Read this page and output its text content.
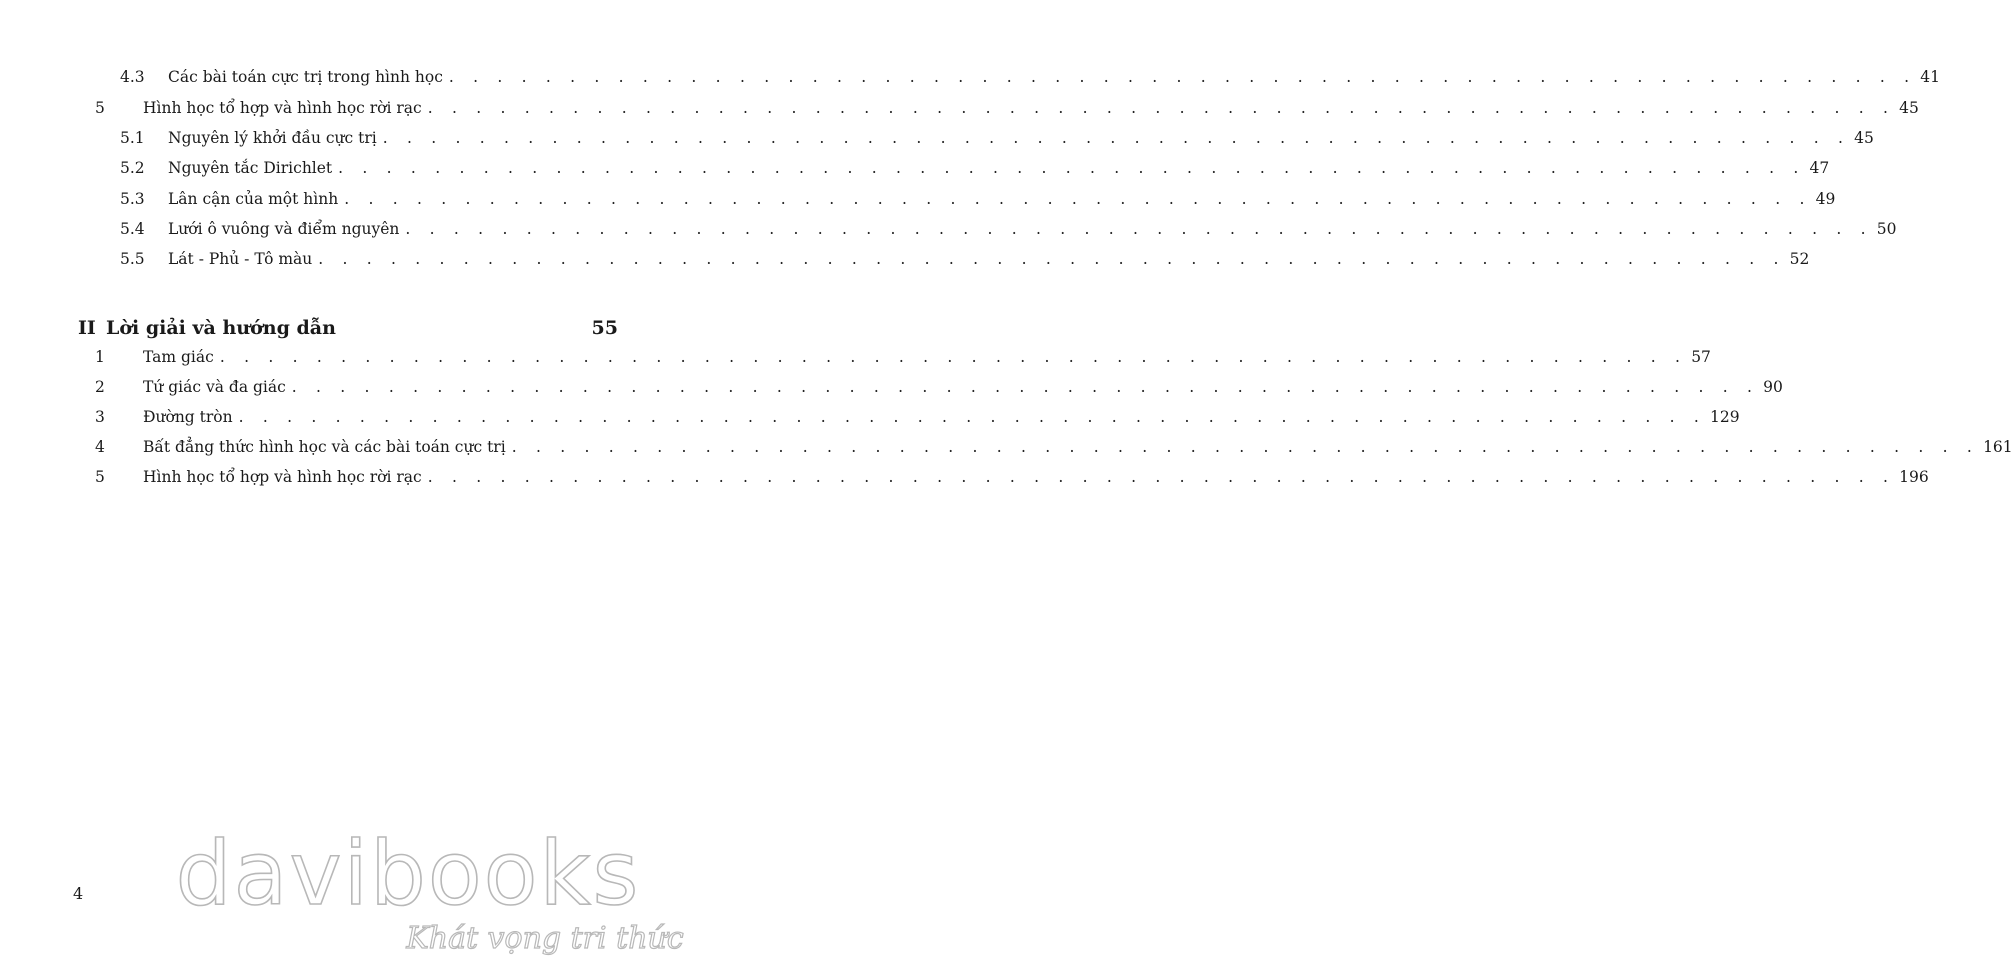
4.3 Các bài toán cực trị trong hình học . . . . . . . . . . . . . . . . . . . . . . . . . . . . . . . . . . . . . . . . . . . . . . . . . . . . . . . . . . . . . 41
5 Hình học tổ hợp và hình học rời rạc . . . . . . . . . . . . . . . . . . . . . . . . . . . . . . . . . . . . . . . . . . . . . . . . . . . . . . . . . . . . . 45
5.1 Nguyên lý khởi đầu cực trị . . . . . . . . . . . . . . . . . . . . . . . . . . . . . . . . . . . . . . . . . . . . . . . . . . . . . . . . . . . . . 45
5.2 Nguyên tắc Dirichlet . . . . . . . . . . . . . . . . . . . . . . . . . . . . . . . . . . . . . . . . . . . . . . . . . . . . . . . . . . . . . 47
5.3 Lân cận của một hình . . . . . . . . . . . . . . . . . . . . . . . . . . . . . . . . . . . . . . . . . . . . . . . . . . . . . . . . . . . . . 49
5.4 Lưới ô vuông và điểm nguyên . . . . . . . . . . . . . . . . . . . . . . . . . . . . . . . . . . . . . . . . . . . . . . . . . . . . . . . . . . . . . 50
5.5 Lát - Phủ - Tô màu . . . . . . . . . . . . . . . . . . . . . . . . . . . . . . . . . . . . . . . . . . . . . . . . . . . . . . . . . . . . . 52
II Lời giải và hướng dẫn	55
1 Tam giác . . . . . . . . . . . . . . . . . . . . . . . . . . . . . . . . . . . . . . . . . . . . . . . . . . . . . . . . . . . . . 57
2 Tứ giác và đa giác . . . . . . . . . . . . . . . . . . . . . . . . . . . . . . . . . . . . . . . . . . . . . . . . . . . . . . . . . . . . . 90
3 Đường tròn . . . . . . . . . . . . . . . . . . . . . . . . . . . . . . . . . . . . . . . . . . . . . . . . . . . . . . . . . . . . . 129
4 Bất đẳng thức hình học và các bài toán cực trị . . . . . . . . . . . . . . . . . . . . . . . . . . . . . . . . . . . . . . . . . . . . . . . . . . . . . . . . . . . . . 161
5 Hình học tổ hợp và hình học rời rạc . . . . . . . . . . . . . . . . . . . . . . . . . . . . . . . . . . . . . . . . . . . . . . . . . . . . . . . . . . . . . 196
4 davibooks
Khát vọng tri thức
